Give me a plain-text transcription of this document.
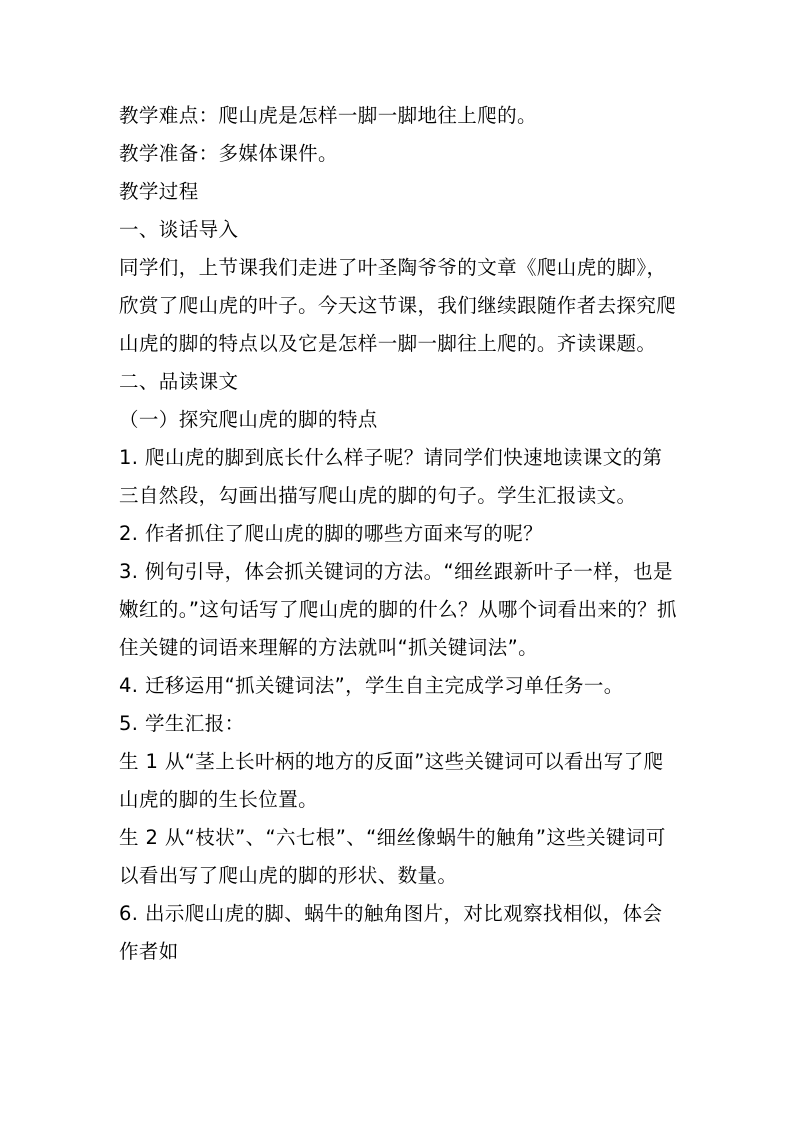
教学难点：爬山虎是怎样一脚一脚地往上爬的。

教学准备：多媒体课件。

教学过程

一、谈话导入

同学们，上节课我们走进了叶圣陶爷爷的文章《爬山虎的脚》，欣赏了爬山虎的叶子。今天这节课，我们继续跟随作者去探究爬山虎的脚的特点以及它是怎样一脚一脚往上爬的。齐读课题。

二、品读课文

（一）探究爬山虎的脚的特点

1. 爬山虎的脚到底长什么样子呢？请同学们快速地读课文的第三自然段，勾画出描写爬山虎的脚的句子。学生汇报读文。

2. 作者抓住了爬山虎的脚的哪些方面来写的呢？

3. 例句引导，体会抓关键词的方法。“细丝跟新叶子一样，也是嫩红的。”这句话写了爬山虎的脚的什么？从哪个词看出来的？抓住关键的词语来理解的方法就叫“抓关键词法”。

4. 迁移运用“抓关键词法”，学生自主完成学习单任务一。

5. 学生汇报：

生 1 从“茎上长叶柄的地方的反面”这些关键词可以看出写了爬山虎的脚的生长位置。

生 2 从“枝状”、“六七根”、“细丝像蜗牛的触角”这些关键词可以看出写了爬山虎的脚的形状、数量。

6. 出示爬山虎的脚、蜗牛的触角图片，对比观察找相似，体会作者如
